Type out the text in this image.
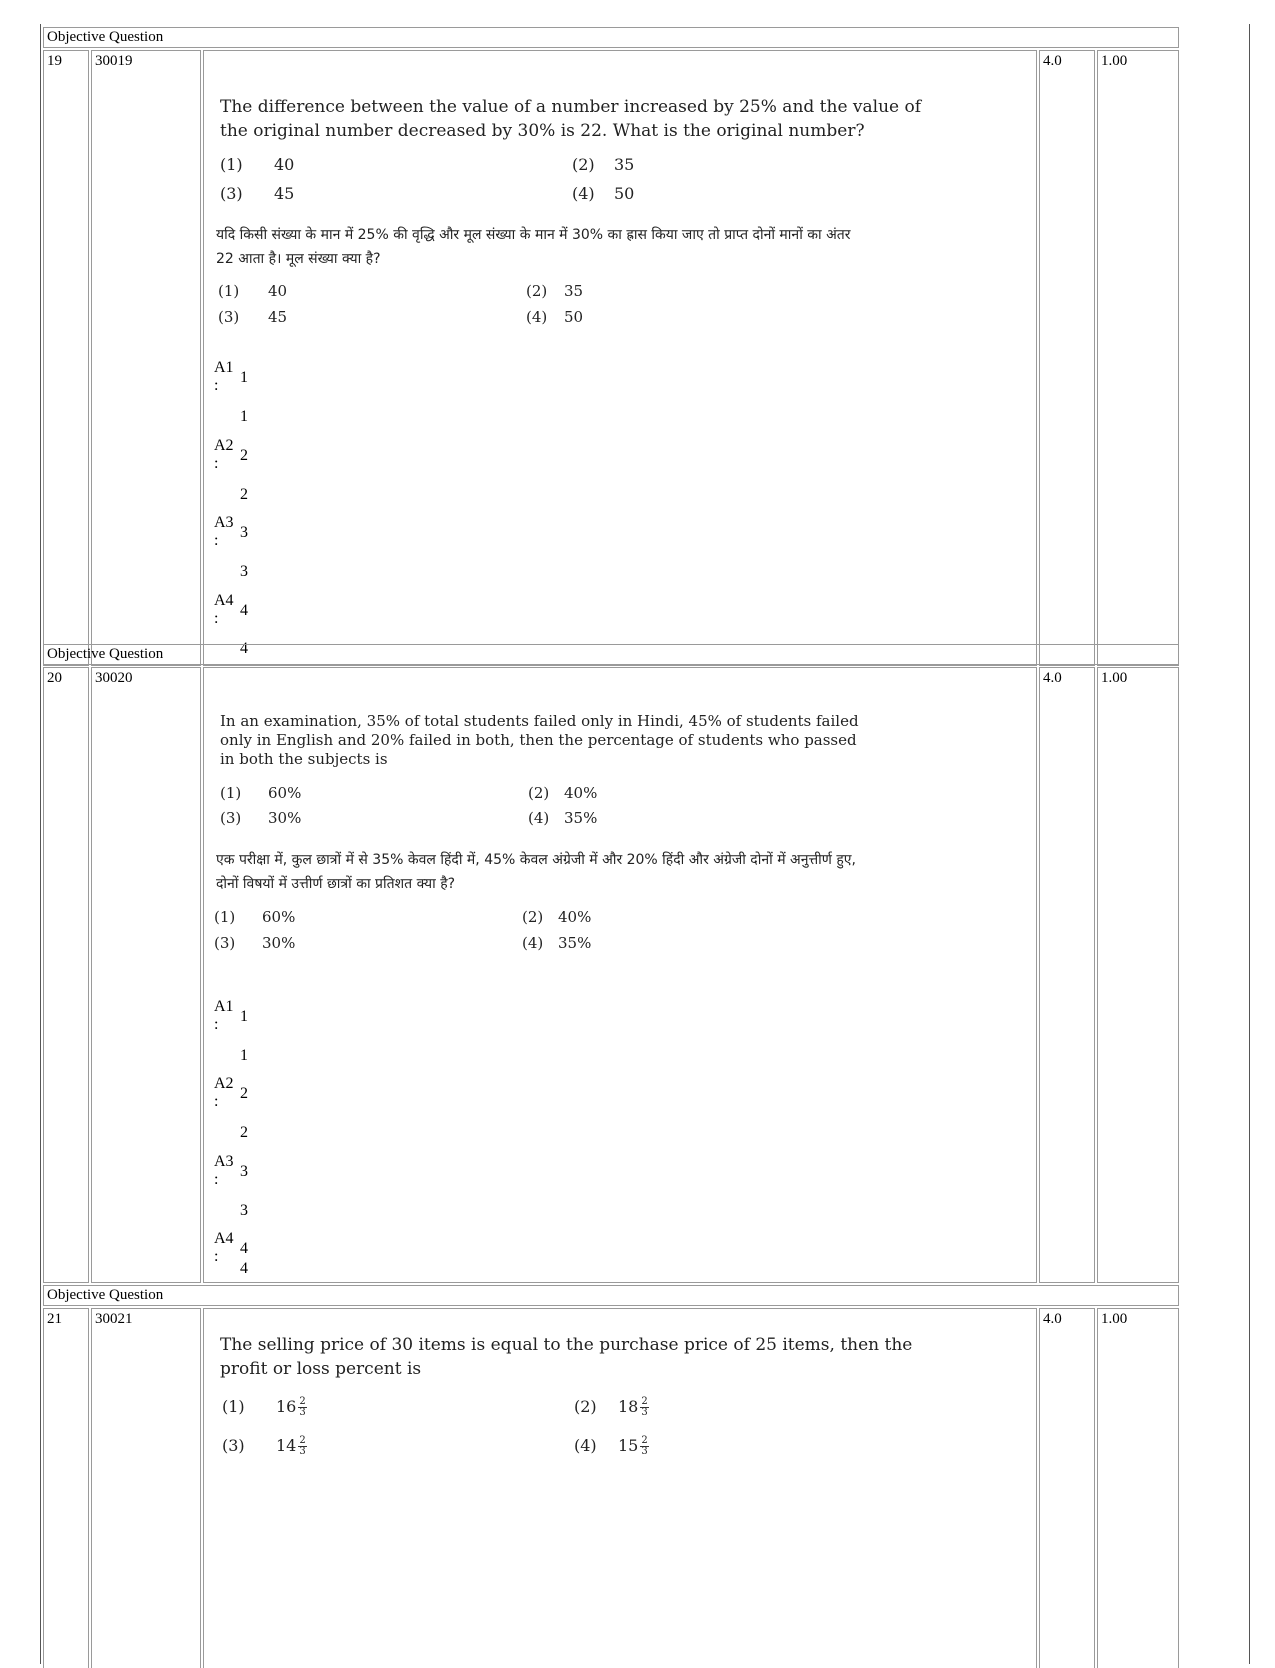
Objective Question
19	30019
The difference between the value of a number increased by 25% and the value of the original number decreased by 30% is 22. What is the original number?
(1) 40	(2) 35
(3) 45	(4) 50
यदि किसी संख्या के मान में 25% की वृद्धि और मूल संख्या के मान में 30% का ह्रास किया जाए तो प्राप्त दोनों मानों का अंतर 22 आता है। मूल संख्या क्या है?
(1) 40	(2) 35
(3) 45	(4) 50
A1
:	1
1
A2
:	2
2
A3
:	3
3
A4
:	4
4
4.0	1.00
Objective Question
20	30020
In an examination, 35% of total students failed only in Hindi, 45% of students failed only in English and 20% failed in both, then the percentage of students who passed in both the subjects is
(1) 60%	(2) 40%
(3) 30%	(4) 35%
एक परीक्षा में, कुल छात्रों में से 35% केवल हिंदी में, 45% केवल अंग्रेजी में और 20% हिंदी और अंग्रेजी दोनों में अनुत्तीर्ण हुए, दोनों विषयों में उत्तीर्ण छात्रों का प्रतिशत क्या है?
(1) 60%	(2) 40%
(3) 30%	(4) 35%
A1
:	1
1
A2
:	2
2
A3
:	3
3
A4
:	4
4
4.0	1.00
Objective Question
21	30021
The selling price of 30 items is equal to the purchase price of 25 items, then the profit or loss percent is
(1) $16 \frac{2}{3}$	(2) $18 \frac{2}{3}$
(3) $14 \frac{2}{3}$	(4) $15 \frac{2}{3}$
4.0	1.00
